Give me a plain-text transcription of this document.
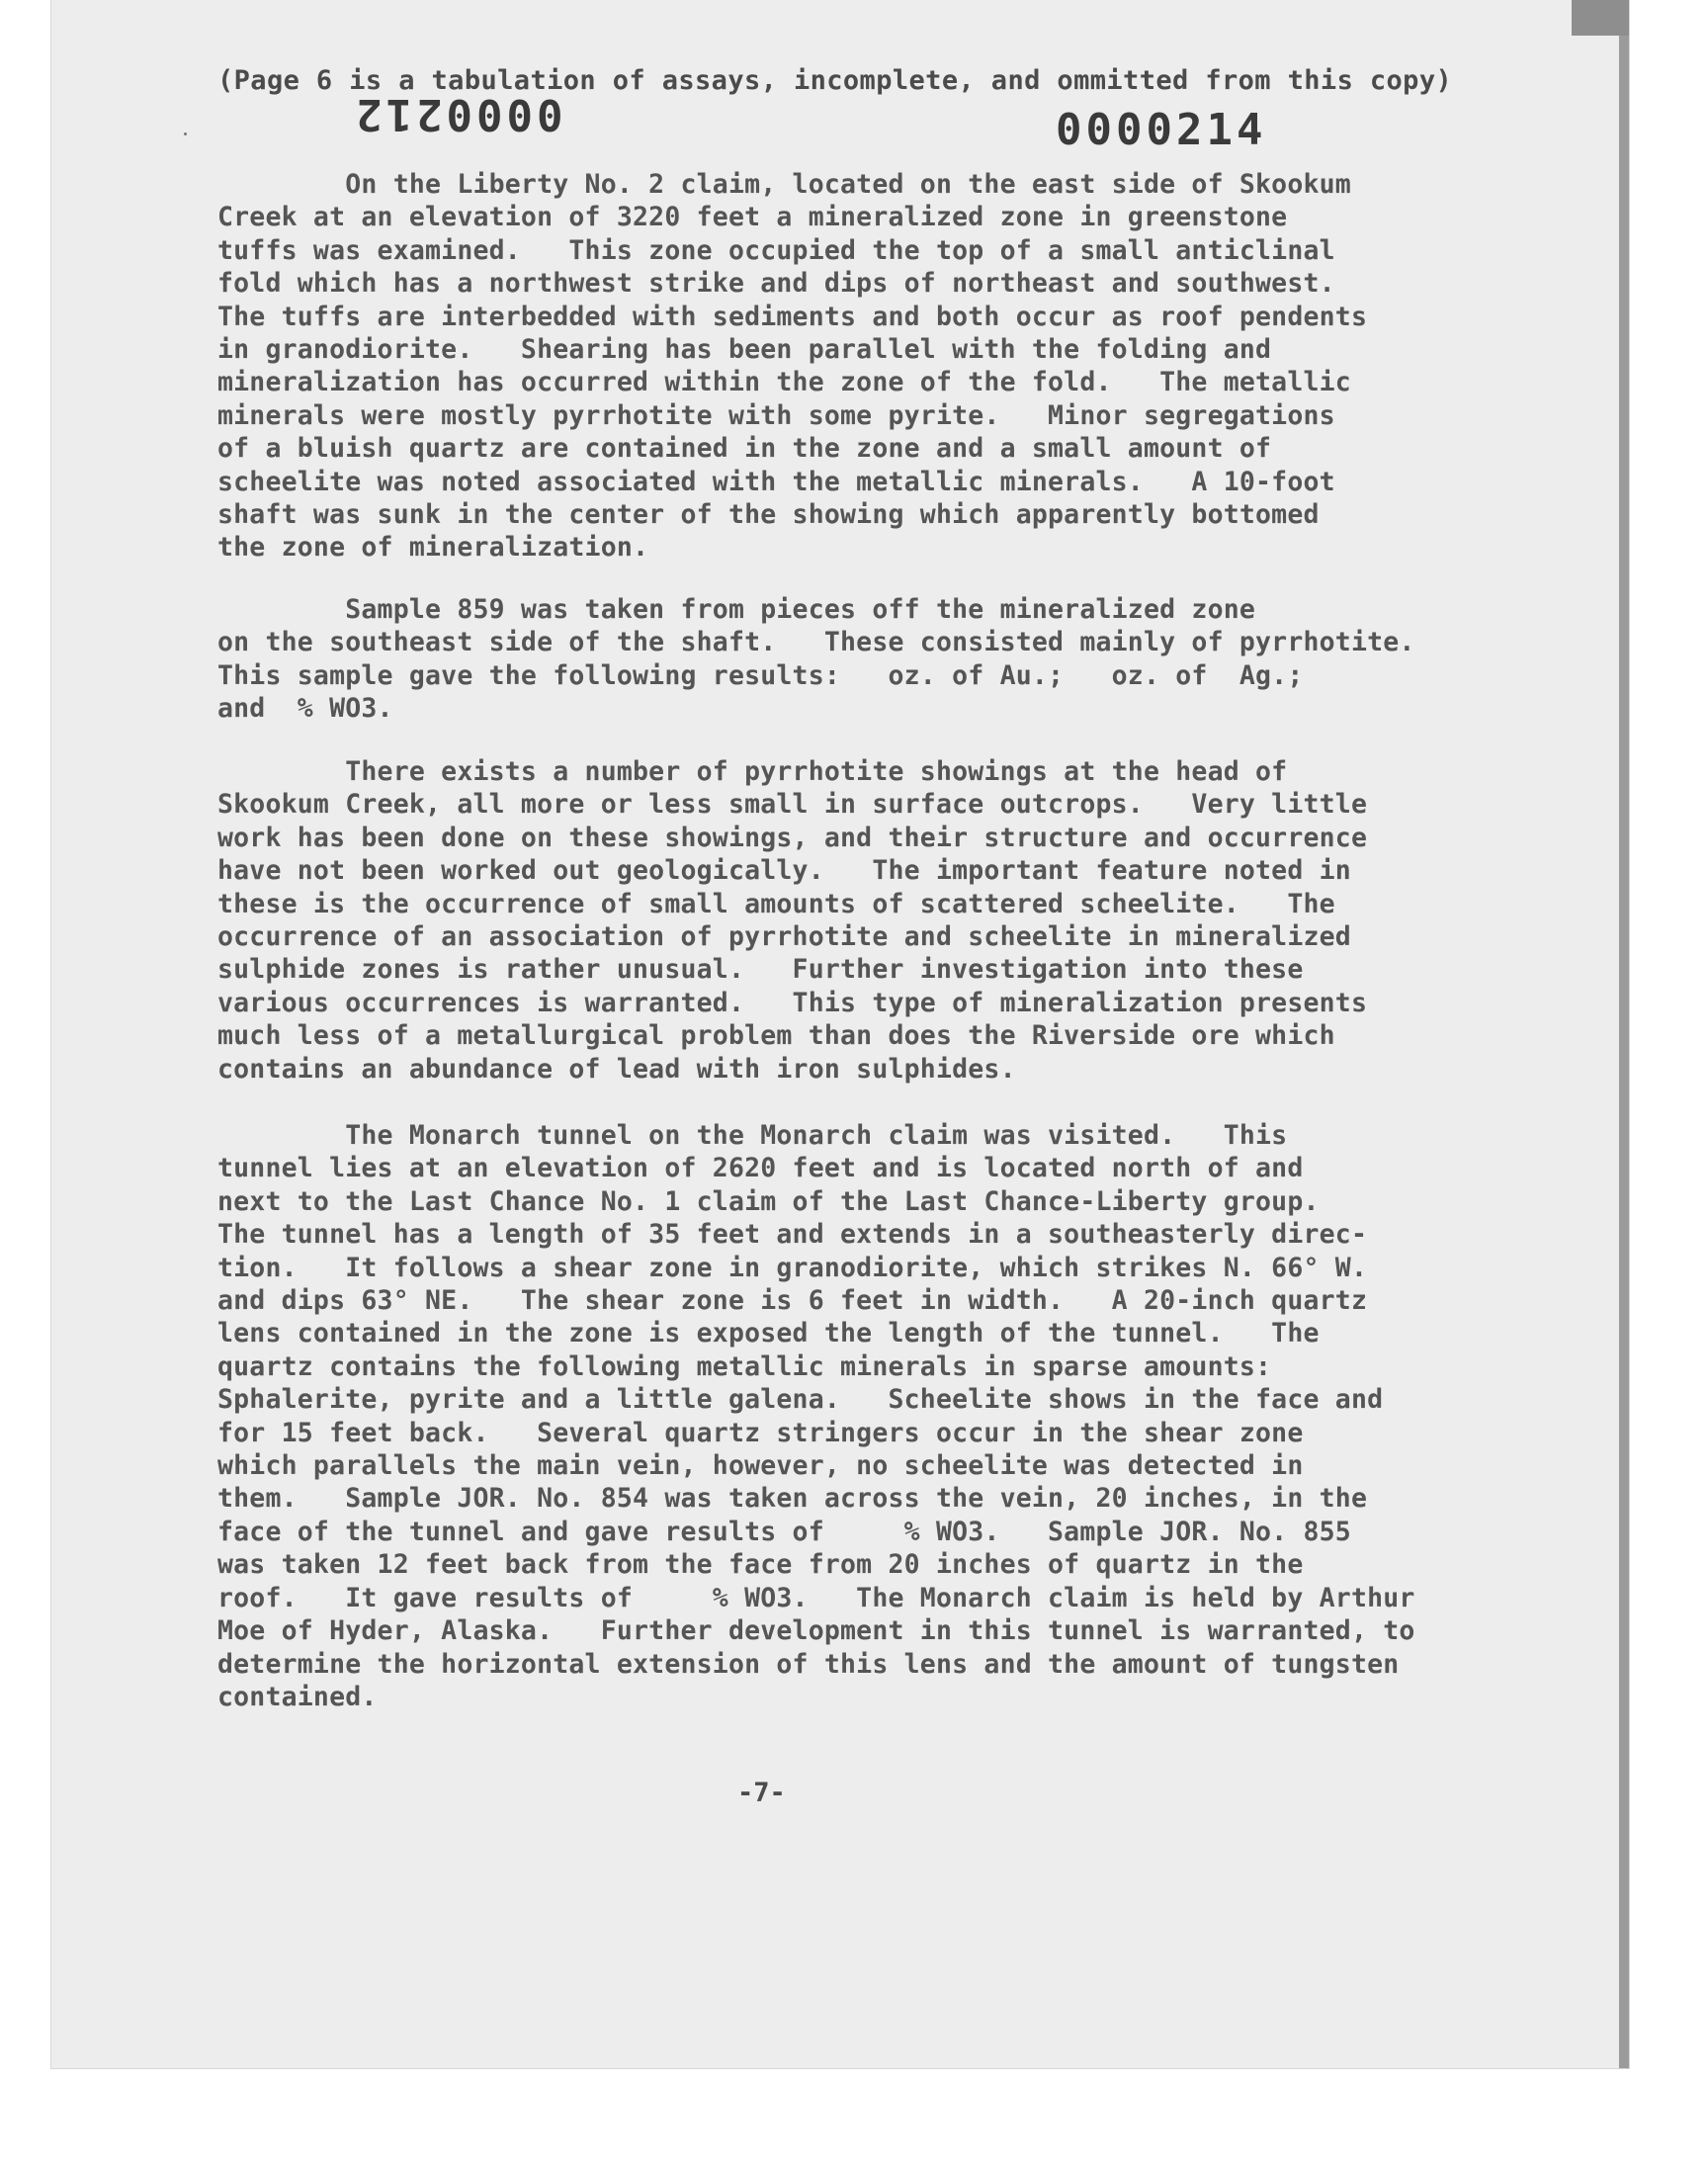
(Page 6 is a tabulation of assays, incomplete, and ommitted from this copy)
0000212	0000214
On the Liberty No. 2 claim, located on the east side of Skookum
Creek at an elevation of 3220 feet a mineralized zone in greenstone
tuffs was examined.   This zone occupied the top of a small anticlinal
fold which has a northwest strike and dips of northeast and southwest.
The tuffs are interbedded with sediments and both occur as roof pendents
in granodiorite.   Shearing has been parallel with the folding and
mineralization has occurred within the zone of the fold.   The metallic
minerals were mostly pyrrhotite with some pyrite.   Minor segregations
of a bluish quartz are contained in the zone and a small amount of
scheelite was noted associated with the metallic minerals.   A 10-foot
shaft was sunk in the center of the showing which apparently bottomed
the zone of mineralization.
Sample 859 was taken from pieces off the mineralized zone
on the southeast side of the shaft.   These consisted mainly of pyrrhotite.
This sample gave the following results:   oz. of Au.;   oz. of  Ag.;
and  % WO3.
There exists a number of pyrrhotite showings at the head of
Skookum Creek, all more or less small in surface outcrops.   Very little
work has been done on these showings, and their structure and occurrence
have not been worked out geologically.   The important feature noted in
these is the occurrence of small amounts of scattered scheelite.   The
occurrence of an association of pyrrhotite and scheelite in mineralized
sulphide zones is rather unusual.   Further investigation into these
various occurrences is warranted.   This type of mineralization presents
much less of a metallurgical problem than does the Riverside ore which
contains an abundance of lead with iron sulphides.
The Monarch tunnel on the Monarch claim was visited.   This
tunnel lies at an elevation of 2620 feet and is located north of and
next to the Last Chance No. 1 claim of the Last Chance-Liberty group.
The tunnel has a length of 35 feet and extends in a southeasterly direc-
tion.   It follows a shear zone in granodiorite, which strikes N. 66° W.
and dips 63° NE.   The shear zone is 6 feet in width.   A 20-inch quartz
lens contained in the zone is exposed the length of the tunnel.   The
quartz contains the following metallic minerals in sparse amounts:
Sphalerite, pyrite and a little galena.   Scheelite shows in the face and
for 15 feet back.   Several quartz stringers occur in the shear zone
which parallels the main vein, however, no scheelite was detected in
them.   Sample JOR. No. 854 was taken across the vein, 20 inches, in the
face of the tunnel and gave results of     % WO3.   Sample JOR. No. 855
was taken 12 feet back from the face from 20 inches of quartz in the
roof.   It gave results of     % WO3.   The Monarch claim is held by Arthur
Moe of Hyder, Alaska.   Further development in this tunnel is warranted, to
determine the horizontal extension of this lens and the amount of tungsten
contained.
-7-
